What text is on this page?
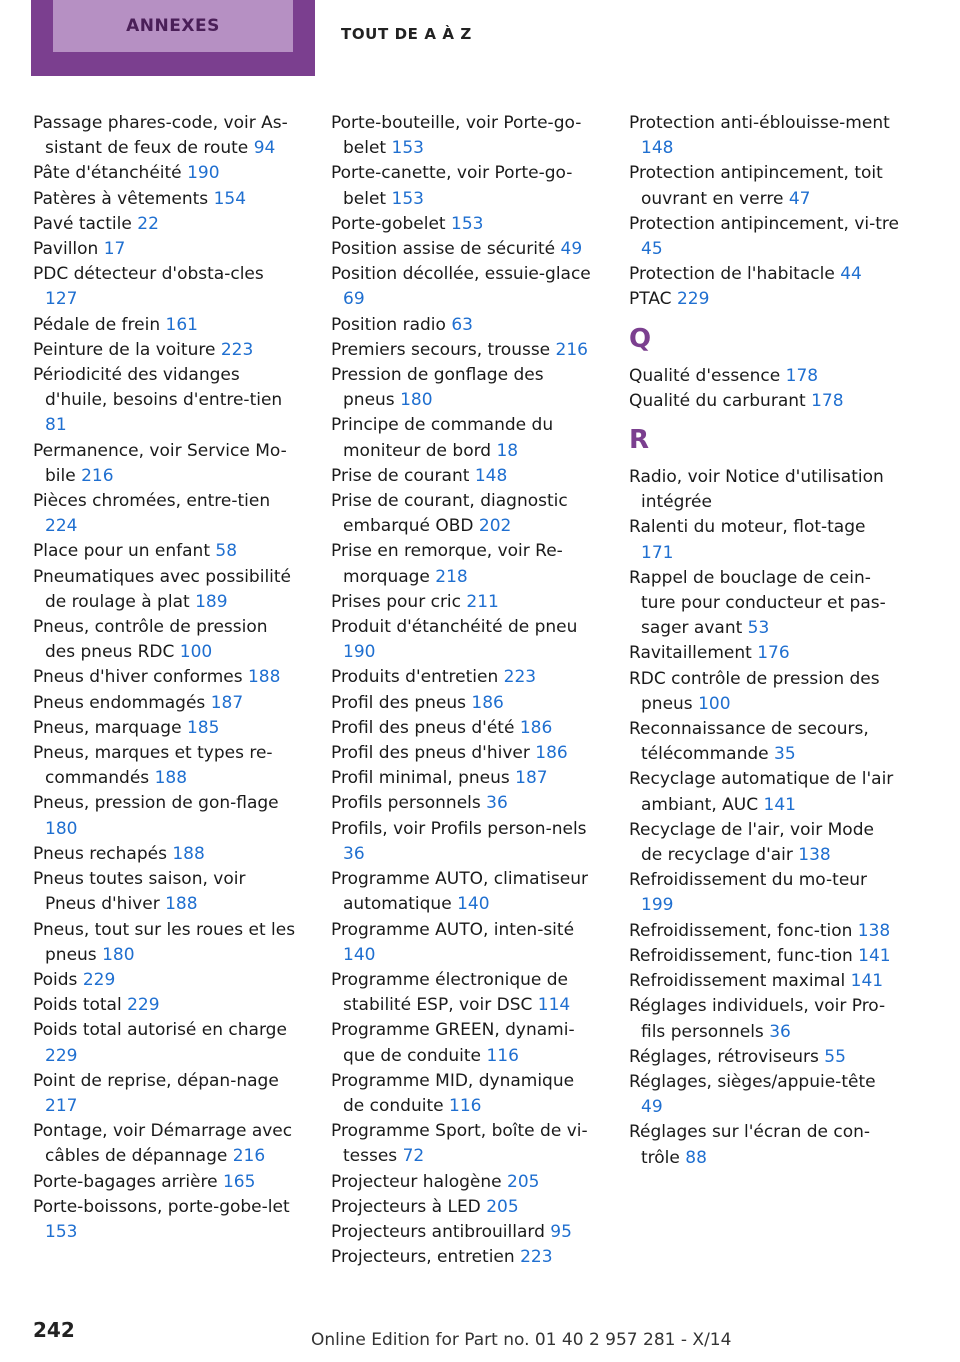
ANNEXES	TOUT DE A À Z
Passage phares-code, voir As-sistant de feux de route 94
Pâte d'étanchéité 190
Patères à vêtements 154
Pavé tactile 22
Pavillon 17
PDC détecteur d'obsta-cles 127
Pédale de frein 161
Peinture de la voiture 223
Périodicité des vidanges d'huile, besoins d'entre-tien 81
Permanence, voir Service Mo-bile 216
Pièces chromées, entre-tien 224
Place pour un enfant 58
Pneumatiques avec possibilité de roulage à plat 189
Pneus, contrôle de pression des pneus RDC 100
Pneus d'hiver conformes 188
Pneus endommagés 187
Pneus, marquage 185
Pneus, marques et types re-commandés 188
Pneus, pression de gon-flage 180
Pneus rechapés 188
Pneus toutes saison, voir Pneus d'hiver 188
Pneus, tout sur les roues et les pneus 180
Poids 229
Poids total 229
Poids total autorisé en charge 229
Point de reprise, dépan-nage 217
Pontage, voir Démarrage avec câbles de dépannage 216
Porte-bagages arrière 165
Porte-boissons, porte-gobe-let 153
Porte-bouteille, voir Porte-go-belet 153
Porte-canette, voir Porte-go-belet 153
Porte-gobelet 153
Position assise de sécurité 49
Position décollée, essuie-glace 69
Position radio 63
Premiers secours, trousse 216
Pression de gonflage des pneus 180
Principe de commande du moniteur de bord 18
Prise de courant 148
Prise de courant, diagnostic embarqué OBD 202
Prise en remorque, voir Re-morquage 218
Prises pour cric 211
Produit d'étanchéité de pneu 190
Produits d'entretien 223
Profil des pneus 186
Profil des pneus d'été 186
Profil des pneus d'hiver 186
Profil minimal, pneus 187
Profils personnels 36
Profils, voir Profils person-nels 36
Programme AUTO, climatiseur automatique 140
Programme AUTO, inten-sité 140
Programme électronique de stabilité ESP, voir DSC 114
Programme GREEN, dynami-que de conduite 116
Programme MID, dynamique de conduite 116
Programme Sport, boîte de vi-tesses 72
Projecteur halogène 205
Projecteurs à LED 205
Projecteurs antibrouillard 95
Projecteurs, entretien 223
Protection anti-éblouisse-ment 148
Protection antipincement, toit ouvrant en verre 47
Protection antipincement, vi-tre 45
Protection de l'habitacle 44
PTAC 229
Q
Qualité d'essence 178
Qualité du carburant 178
R
Radio, voir Notice d'utilisation intégrée
Ralenti du moteur, flot-tage 171
Rappel de bouclage de cein-ture pour conducteur et pas-sager avant 53
Ravitaillement 176
RDC contrôle de pression des pneus 100
Reconnaissance de secours, télécommande 35
Recyclage automatique de l'air ambiant, AUC 141
Recyclage de l'air, voir Mode de recyclage d'air 138
Refroidissement du mo-teur 199
Refroidissement, fonc-tion 138
Refroidissement, func-tion 141
Refroidissement maximal 141
Réglages individuels, voir Pro-fils personnels 36
Réglages, rétroviseurs 55
Réglages, sièges/appuie-tête 49
Réglages sur l'écran de con-trôle 88
242	Online Edition for Part no. 01 40 2 957 281 - X/14
